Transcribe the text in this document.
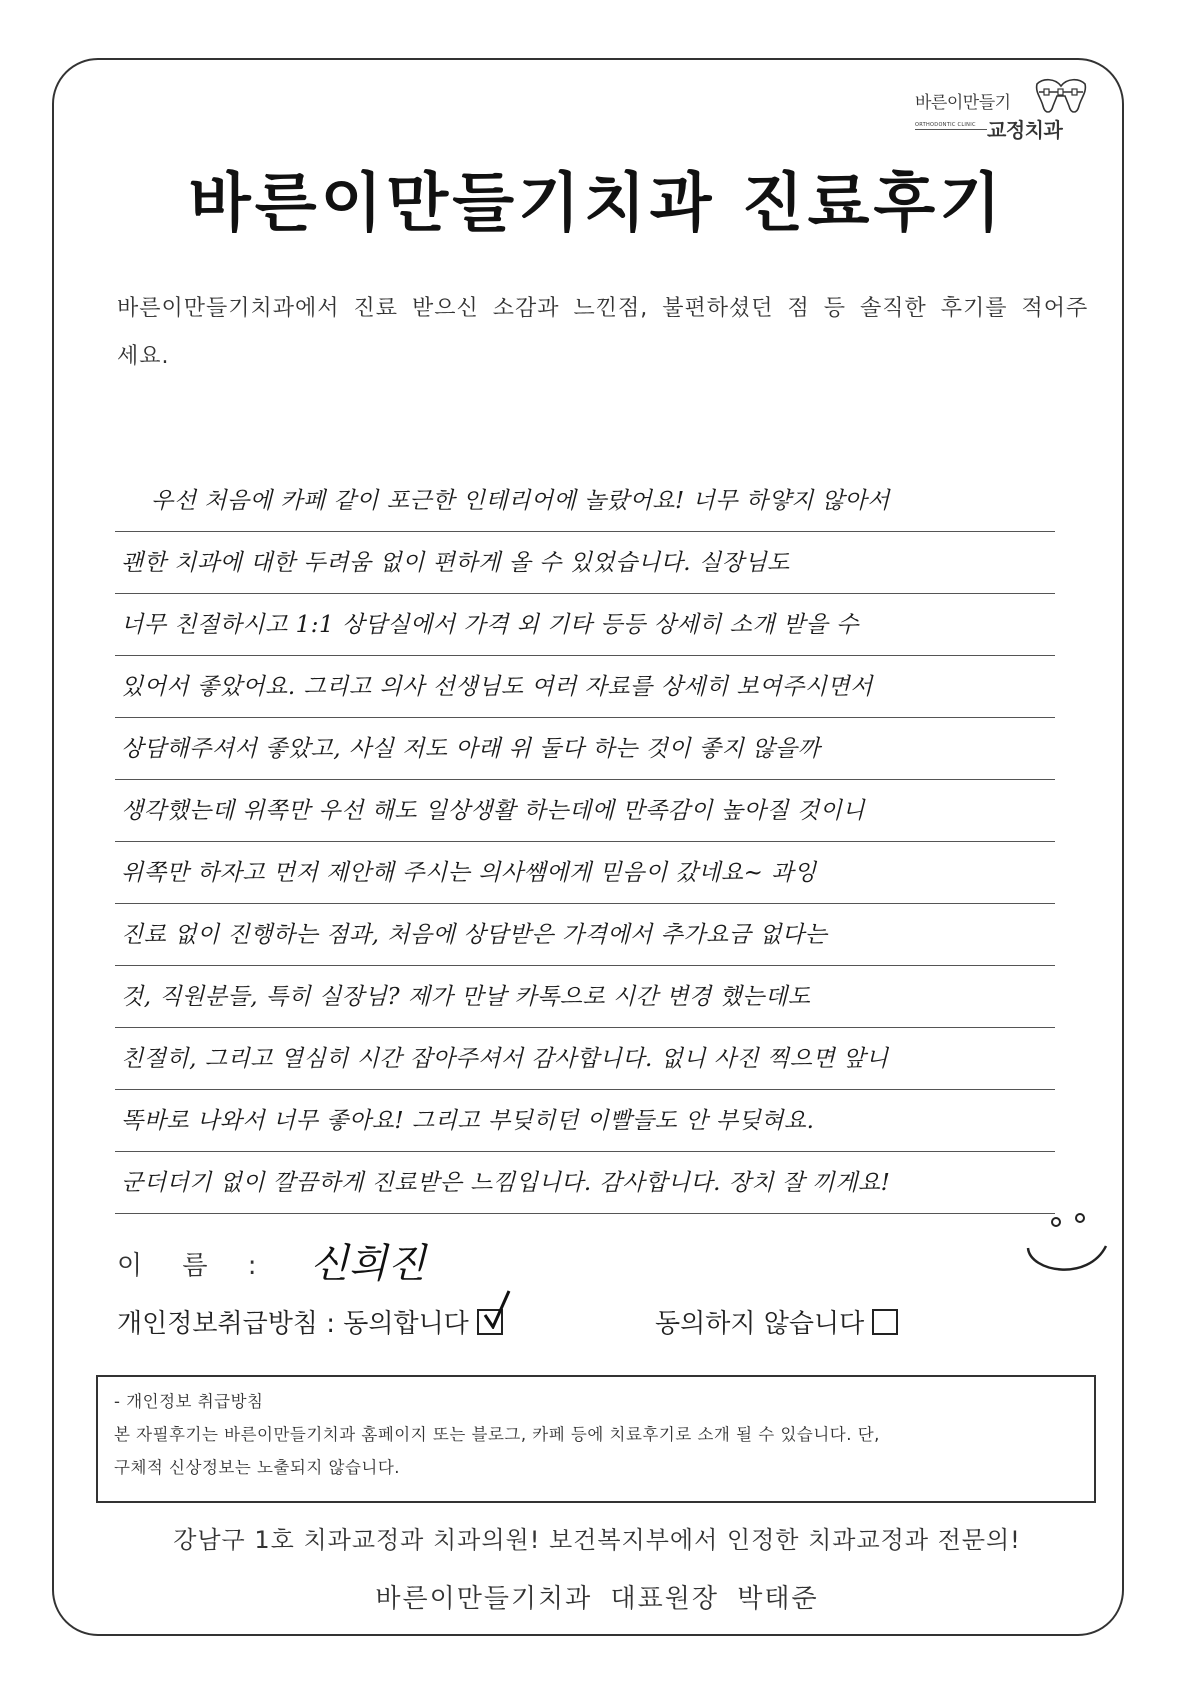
바른이만들기
ORTHODONTIC CLINIC 교정치과
바른이만들기치과 진료후기
바른이만들기치과에서 진료 받으신 소감과 느낀점, 불편하셨던 점 등 솔직한 후기를 적어주세요.
우선 처음에 카페 같이 포근한 인테리어에 놀랐어요! 너무 하얗지 않아서
괜한 치과에 대한 두려움 없이 편하게 올 수 있었습니다. 실장님도
너무 친절하시고 1:1 상담실에서 가격 외 기타 등등 상세히 소개 받을 수
있어서 좋았어요. 그리고 의사 선생님도 여러 자료를 상세히 보여주시면서
상담해주셔서 좋았고, 사실 저도 아래 위 둘다 하는 것이 좋지 않을까
생각했는데 위쪽만 우선 해도 일상생활 하는데에 만족감이 높아질 것이니
위쪽만 하자고 먼저 제안해 주시는 의사쌤에게 믿음이 갔네요~ 과잉
진료 없이 진행하는 점과, 처음에 상담받은 가격에서 추가요금 없다는
것, 직원분들, 특히 실장님? 제가 만날 카톡으로 시간 변경 했는데도
친절히, 그리고 열심히 시간 잡아주셔서 감사합니다. 없니 사진 찍으면 앞니
똑바로 나와서 너무 좋아요! 그리고 부딪히던 이빨들도 안 부딪혀요.
군더더기 없이 깔끔하게 진료받은 느낌입니다. 감사합니다. 장치 잘 끼게요!
이 름 : 신희진
개인정보취급방침 : 동의합니다	동의하지 않습니다
- 개인정보 취급방침
본 자필후기는 바른이만들기치과 홈페이지 또는 블로그, 카페 등에 치료후기로 소개 될 수 있습니다. 단,
구체적 신상정보는 노출되지 않습니다.
강남구 1호 치과교정과 치과의원! 보건복지부에서 인정한 치과교정과 전문의!
바른이만들기치과 대표원장 박태준
